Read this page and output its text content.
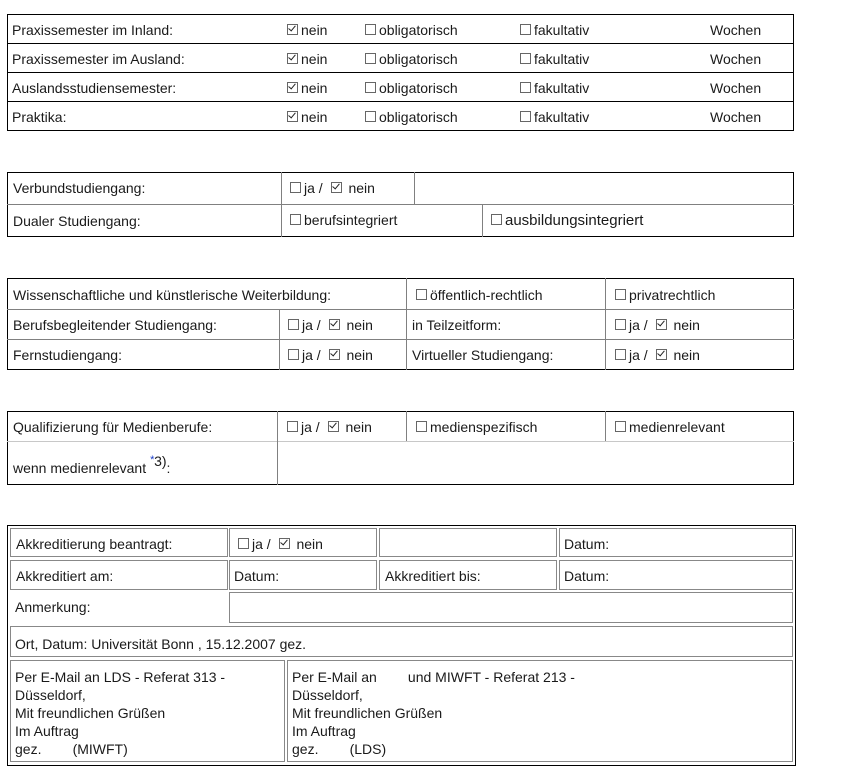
Praxissemester im Inland:	nein	obligatorisch	fakultativ	Wochen
Praxissemester im Ausland:	nein	obligatorisch	fakultativ	Wochen
Auslandsstudiensemester:	nein	obligatorisch	fakultativ	Wochen
Praktika:	nein	obligatorisch	fakultativ	Wochen
Verbundstudiengang:	ja / nein
Dualer Studiengang:	berufsintegriert	ausbildungsintegriert
Wissenschaftliche und künstlerische Weiterbildung:	öffentlich-rechtlich	privatrechtlich
Berufsbegleitender Studiengang:	ja / nein	in Teilzeitform:	ja / nein
Fernstudiengang:	ja / nein	Virtueller Studiengang:	ja / nein
Qualifizierung für Medienberufe:	ja / nein	medienspezifisch	medienrelevant
wenn medienrelevant * 3):
Akkreditierung beantragt:	ja / nein	Datum:
Akkreditiert am:	Datum:	Akkreditiert bis:	Datum:
Anmerkung:
Ort, Datum: Universität Bonn , 15.12.2007 gez.
Per E-Mail an LDS - Referat 313 -
Düsseldorf,
Mit freundlichen Grüßen
Im Auftrag
gez.        (MIWFT)
Per E-Mail an        und MIWFT - Referat 213 -
Düsseldorf,
Mit freundlichen Grüßen
Im Auftrag
gez.        (LDS)
